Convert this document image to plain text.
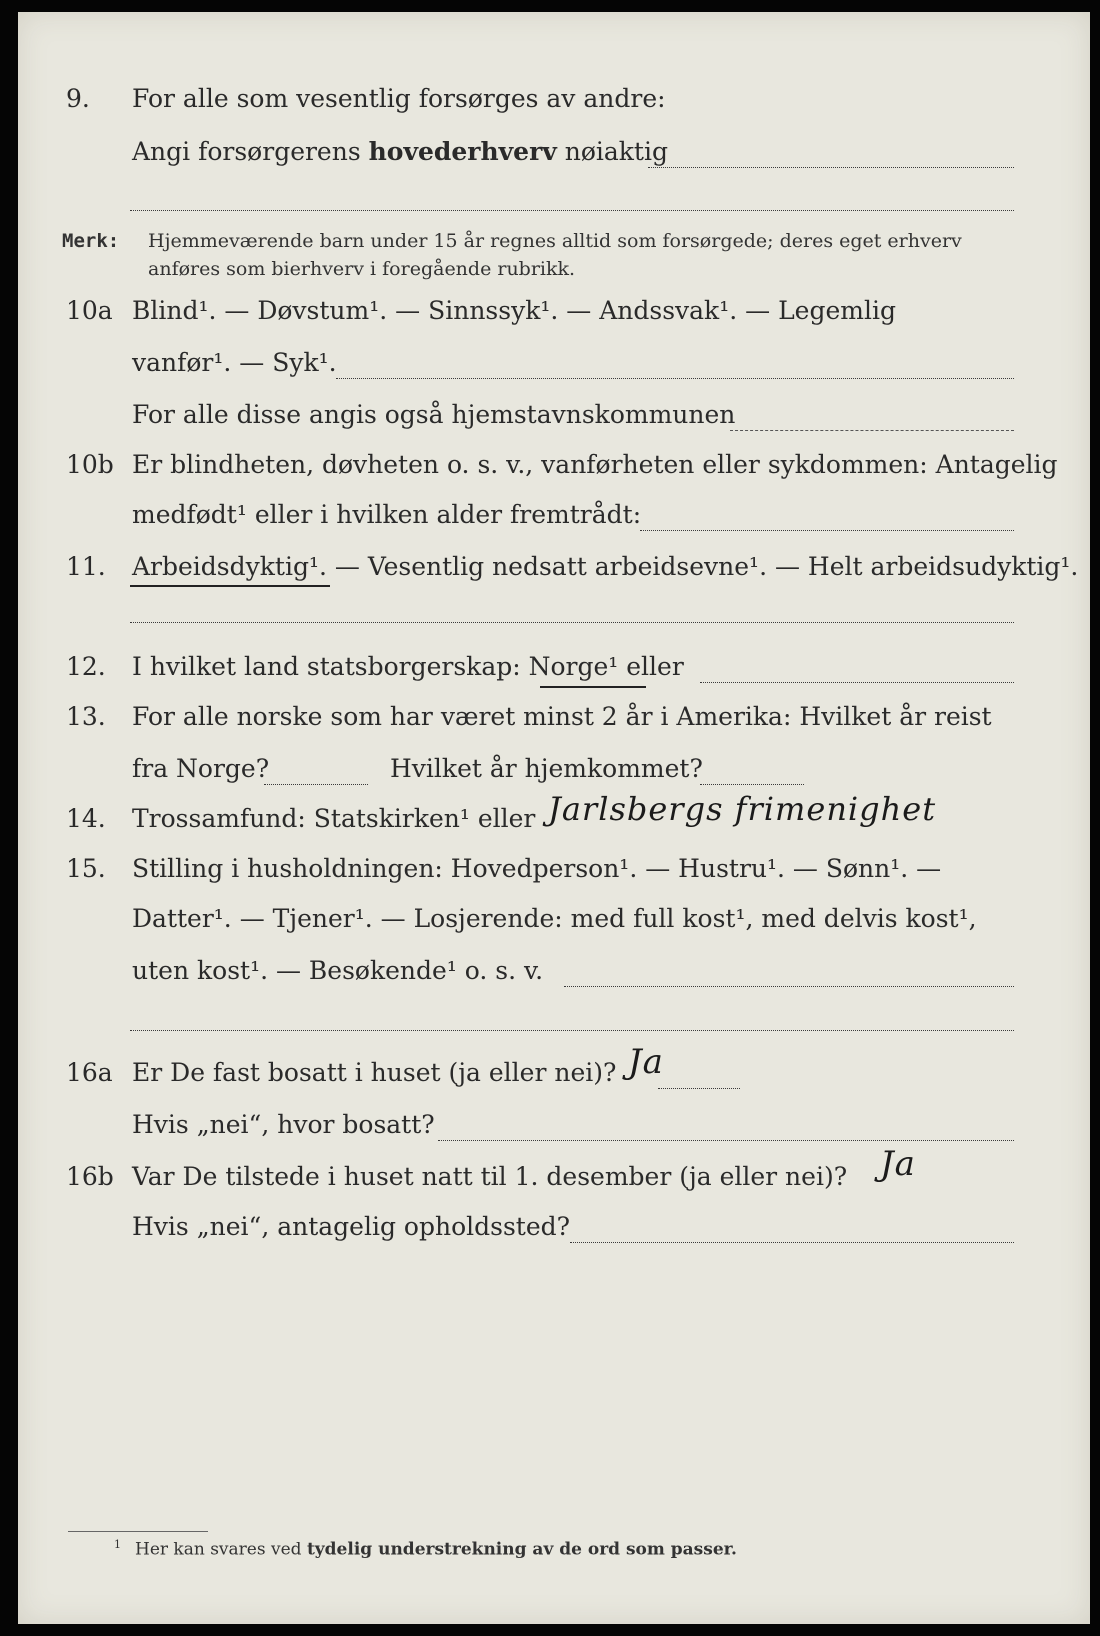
9. For alle som vesentlig forsørges av andre:
Angi forsørgerens hovederhverv nøiaktig
Merk: Hjemmeværende barn under 15 år regnes alltid som forsørgede; deres eget erhverv
anføres som bierhverv i foregående rubrikk.
10a Blind¹. — Døvstum¹. — Sinnssyk¹. — Andssvak¹. — Legemlig
vanfør¹. — Syk¹.
For alle disse angis også hjemstavnskommunen
10b Er blindheten, døvheten o. s. v., vanførheten eller sykdommen: Antagelig
medfødt¹ eller i hvilken alder fremtrådt:
11. Arbeidsdyktig¹. — Vesentlig nedsatt arbeidsevne¹. — Helt arbeidsudyktig¹.
12. I hvilket land statsborgerskap: Norge¹ eller
13. For alle norske som har været minst 2 år i Amerika: Hvilket år reist
fra Norge?	Hvilket år hjemkommet?
14. Trossamfund: Statskirken¹ eller Jarlsbergs frimenighet
15. Stilling i husholdningen: Hovedperson¹. — Hustru¹. — Sønn¹. —
Datter¹. — Tjener¹. — Losjerende: med full kost¹, med delvis kost¹,
uten kost¹. — Besøkende¹ o. s. v.
16a Er De fast bosatt i huset (ja eller nei)? Ja
Hvis „nei“, hvor bosatt?
16b Var De tilstede i huset natt til 1. desember (ja eller nei)? Ja
Hvis „nei“, antagelig opholdssted?
$^1$ Her kan svares ved tydelig understrekning av de ord som passer.
